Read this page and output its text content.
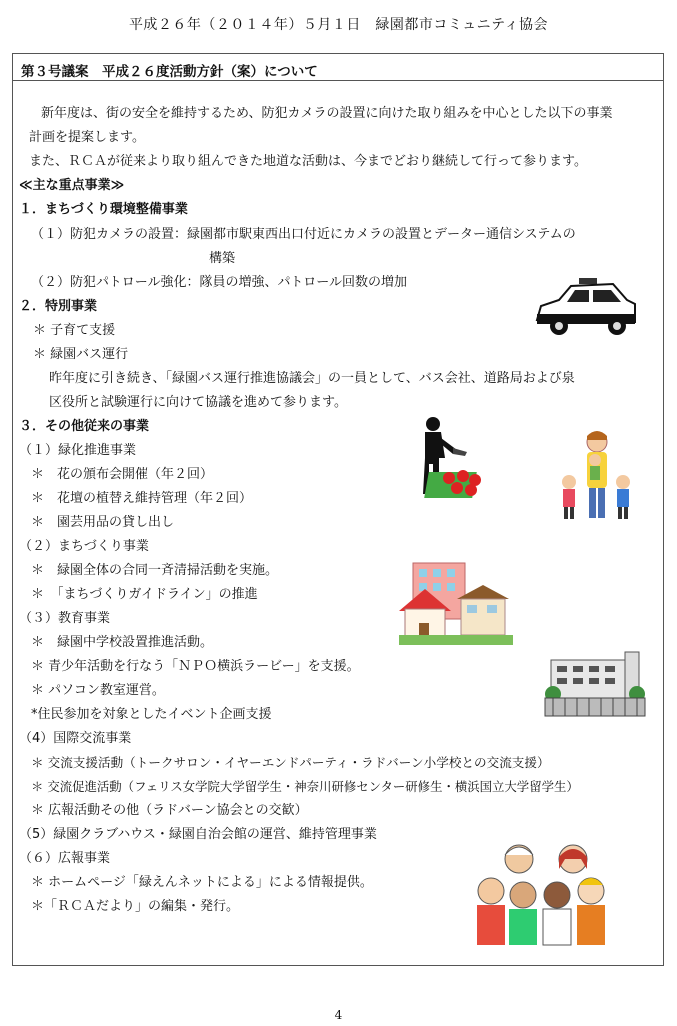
平成２６年（２０１４年）５月１日　緑園都市コミュニティ協会
第３号議案　平成２６度活動方針（案）について
新年度は、街の安全を維持するため、防犯カメラの設置に向けた取り組みを中心とした以下の事業
計画を提案します。
また、ＲＣＡが従来より取り組んできた地道な活動は、今までどおり継続して行って参ります。
≪主な重点事業≫
１．まちづくり環境整備事業
（１）防犯カメラの設置：緑園都市駅東西出口付近にカメラの設置とデーター通信システムの
構築
（２）防犯パトロール強化：隊員の増強、パトロール回数の増加
２．特別事業
＊ 子育て支援
＊ 緑園バス運行
昨年度に引き続き、「緑園バス運行推進協議会」の一員として、バス会社、道路局および泉
区役所と試験運行に向けて協議を進めて参ります。
３．その他従来の事業
（１）緑化推進事業
＊　花の頒布会開催（年２回）
＊　花壇の植替え維持管理（年２回）
＊　園芸用品の貸し出し
（２）まちづくり事業
＊　緑園全体の合同一斉清掃活動を実施。
＊　「まちづくりガイドライン」の推進
（３）教育事業
＊　緑園中学校設置推進活動。
＊ 青少年活動を行なう「ＮＰＯ横浜ラービー」を支援。
＊ パソコン教室運営。
*住民参加を対象としたイベント企画支援
（4）国際交流事業
＊ 交流支援活動（トークサロン・イヤーエンドパーティ・ラドバーン小学校との交流支援）
＊ 交流促進活動（フェリス女学院大学留学生・神奈川研修センター研修生・横浜国立大学留学生）
＊ 広報活動その他（ラドバーン協会との交歓）
（5）緑園クラブハウス・緑園自治会館の運営、維持管理事業
（６）広報事業
＊ ホームページ「緑えんネットによる」による情報提供。
＊「ＲＣＡだより」の編集・発行。
4
